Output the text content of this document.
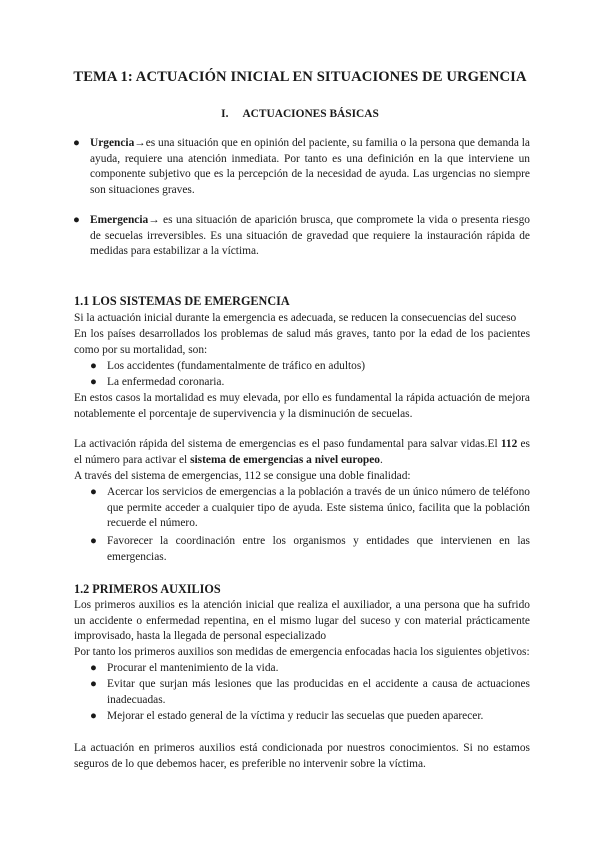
TEMA 1: ACTUACIÓN INICIAL EN SITUACIONES DE URGENCIA
I. ACTUACIONES BÁSICAS
● Urgencia→es una situación que en opinión del paciente, su familia o la persona que demanda la ayuda, requiere una atención inmediata. Por tanto es una definición en la que interviene un componente subjetivo que es la percepción de la necesidad de ayuda. Las urgencias no siempre son situaciones graves.
● Emergencia→ es una situación de aparición brusca, que compromete la vida o presenta riesgo de secuelas irreversibles. Es una situación de gravedad que requiere la instauración rápida de medidas para estabilizar a la víctima.
1.1 LOS SISTEMAS DE EMERGENCIA
Si la actuación inicial durante la emergencia es adecuada, se reducen la consecuencias del suceso
En los países desarrollados los problemas de salud más graves, tanto por la edad de los pacientes como por su mortalidad, son:
● Los accidentes (fundamentalmente de tráfico en adultos)
● La enfermedad coronaria.
En estos casos la mortalidad es muy elevada, por ello es fundamental la rápida actuación de mejora notablemente el porcentaje de supervivencia y la disminución de secuelas.
La activación rápida del sistema de emergencias es el paso fundamental para salvar vidas.El 112 es el número para activar el sistema de emergencias a nivel europeo.
A través del sistema de emergencias, 112 se consigue una doble finalidad:
● Acercar los servicios de emergencias a la población a través de un único número de teléfono que permite acceder a cualquier tipo de ayuda. Este sistema único, facilita que la población recuerde el número.
● Favorecer la coordinación entre los organismos y entidades que intervienen en las emergencias.
1.2 PRIMEROS AUXILIOS
Los primeros auxilios es la atención inicial que realiza el auxiliador, a una persona que ha sufrido un accidente o enfermedad repentina, en el mismo lugar del suceso y con material prácticamente improvisado, hasta la llegada de personal especializado
Por tanto los primeros auxilios son medidas de emergencia enfocadas hacia los siguientes objetivos:
● Procurar el mantenimiento de la vida.
● Evitar que surjan más lesiones que las producidas en el accidente a causa de actuaciones inadecuadas.
● Mejorar el estado general de la víctima y reducir las secuelas que pueden aparecer.
La actuación en primeros auxilios está condicionada por nuestros conocimientos. Si no estamos seguros de lo que debemos hacer, es preferible no intervenir sobre la víctima.
